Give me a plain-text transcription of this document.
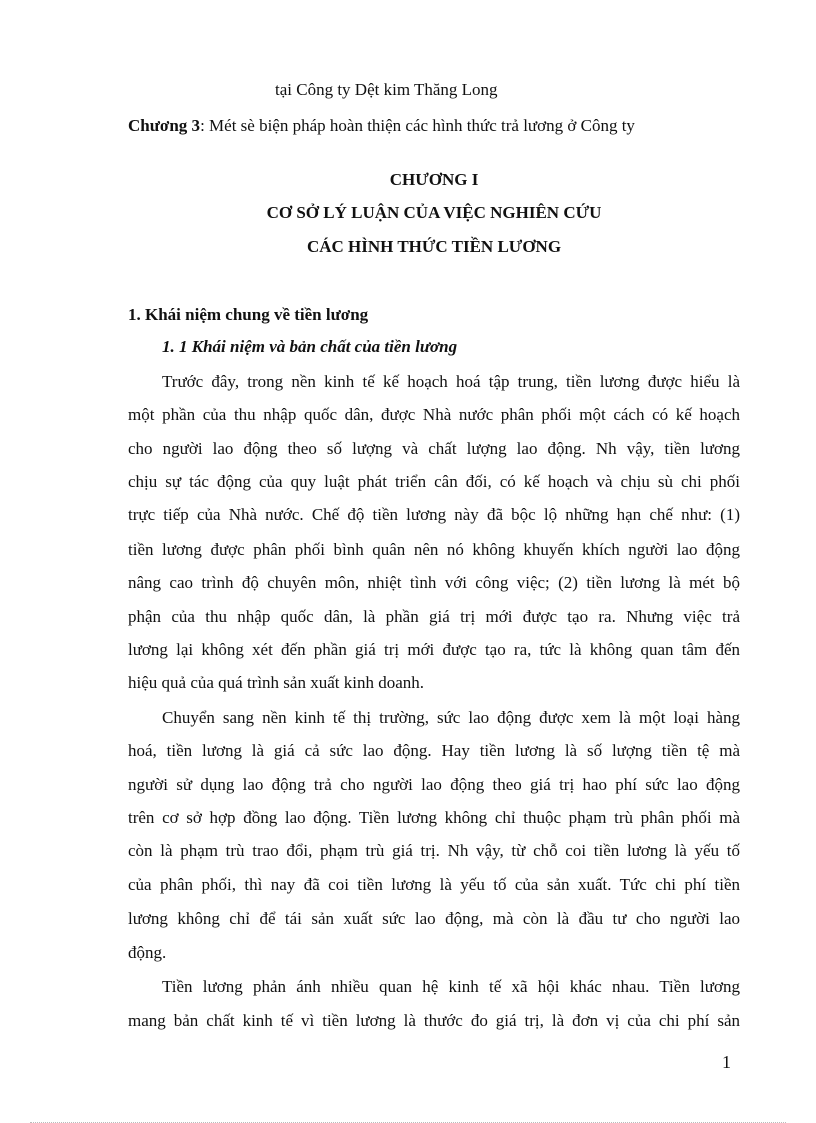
tại Công ty Dệt kim Thăng Long
Chương 3: Mét sè biện pháp hoàn thiện các hình thức trả lương ở Công ty
CHƯƠNG I
CƠ SỞ LÝ LUẬN CỦA VIỆC NGHIÊN CỨU
CÁC HÌNH THỨC TIỀN LƯƠNG
1. Khái niệm chung về tiền lương
1. 1 Khái niệm và bản chất của tiền lương
Trước đây, trong nền kinh tế kế hoạch hoá tập trung, tiền lương được hiểu là
một phần của thu nhập quốc dân, được Nhà nước phân phối một cách có kế hoạch
cho người lao động theo số lượng và chất lượng lao động. Nh vậy, tiền lương
chịu sự tác động của quy luật phát triển cân đối, có kế hoạch và chịu sù chi phối
trực tiếp của Nhà nước. Chế độ tiền lương này đã bộc lộ những hạn chế như: (1)
tiền lương được phân phối bình quân nên nó không khuyến khích người lao động
nâng cao trình độ chuyên môn, nhiệt tình với công việc; (2) tiền lương là mét bộ
phận của thu nhập quốc dân, là phần giá trị mới được tạo ra. Nhưng việc trả
lương lại không xét đến phần giá trị mới được tạo ra, tức là không quan tâm đến
hiệu quả của quá trình sản xuất kinh doanh.
Chuyển sang nền kinh tế thị trường, sức lao động được xem là một loại hàng
hoá, tiền lương là giá cả sức lao động. Hay tiền lương là số lượng tiền tệ mà
người sử dụng lao động trả cho người lao động theo giá trị hao phí sức lao động
trên cơ sở hợp đồng lao động. Tiền lương không chỉ thuộc phạm trù phân phối mà
còn là phạm trù trao đổi, phạm trù giá trị. Nh vậy, từ chỗ coi tiền lương là yếu tố
của phân phối, thì nay đã coi tiền lương là yếu tố của sản xuất. Tức chi phí tiền
lương không chỉ để tái sản xuất sức lao động, mà còn là đầu tư cho người lao
động.
Tiền lương phản ánh nhiều quan hệ kinh tế xã hội khác nhau. Tiền lương
mang bản chất kinh tế vì tiền lương là thước đo giá trị, là đơn vị của chi phí sản
1
